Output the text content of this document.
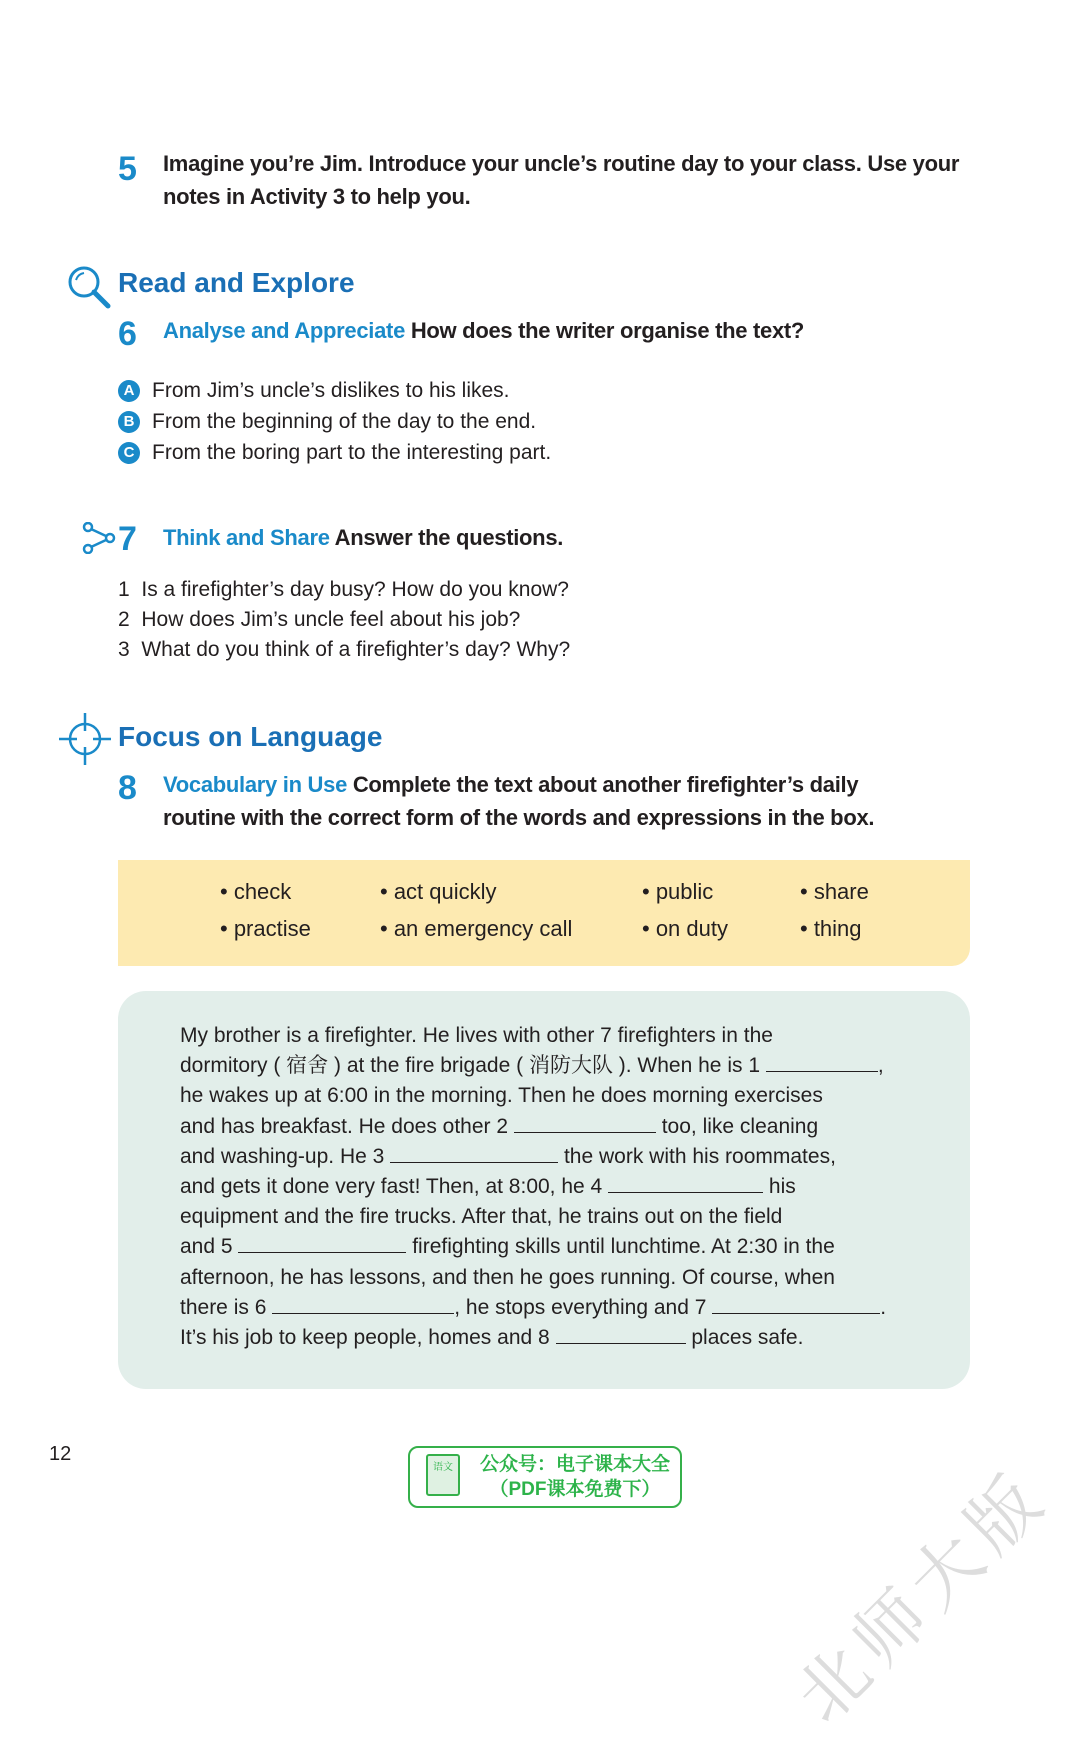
5 Imagine you’re Jim. Introduce your uncle’s routine day to your class. Use your
notes in Activity 3 to help you.
Read and Explore
6 Analyse and Appreciate How does the writer organise the text?
A From Jim’s uncle’s dislikes to his likes.
B From the beginning of the day to the end.
C From the boring part to the interesting part.
7 Think and Share Answer the questions.
1 Is a firefighter’s day busy? How do you know?
2 How does Jim’s uncle feel about his job?
3 What do you think of a firefighter’s day? Why?
Focus on Language
8 Vocabulary in Use Complete the text about another firefighter’s daily
routine with the correct form of the words and expressions in the box.
• check	• act quickly	• public	• share
• practise	• an emergency call	• on duty	• thing

My brother is a firefighter. He lives with other 7 firefighters in the

dormitory ( 宿舍 ) at the fire brigade ( 消防大队 ). When he is 1	,

he wakes up at 6:00 in the morning. Then he does morning exercises

and has breakfast. He does other 2	too, like cleaning

and washing-up. He 3	the work with his roommates,

and gets it done very fast! Then, at 8:00, he 4	his

equipment and the fire trucks. After that, he trains out on the field

and 5	firefighting skills until lunchtime. At 2:30 in the

afternoon, he has lessons, and then he goes running. Of course, when

there is 6	, he stops everything and 7	.

It’s his job to keep people, homes and 8	places safe.

12
语文	公众号：电子课本大全
（PDF课本免费下） 北师大版
